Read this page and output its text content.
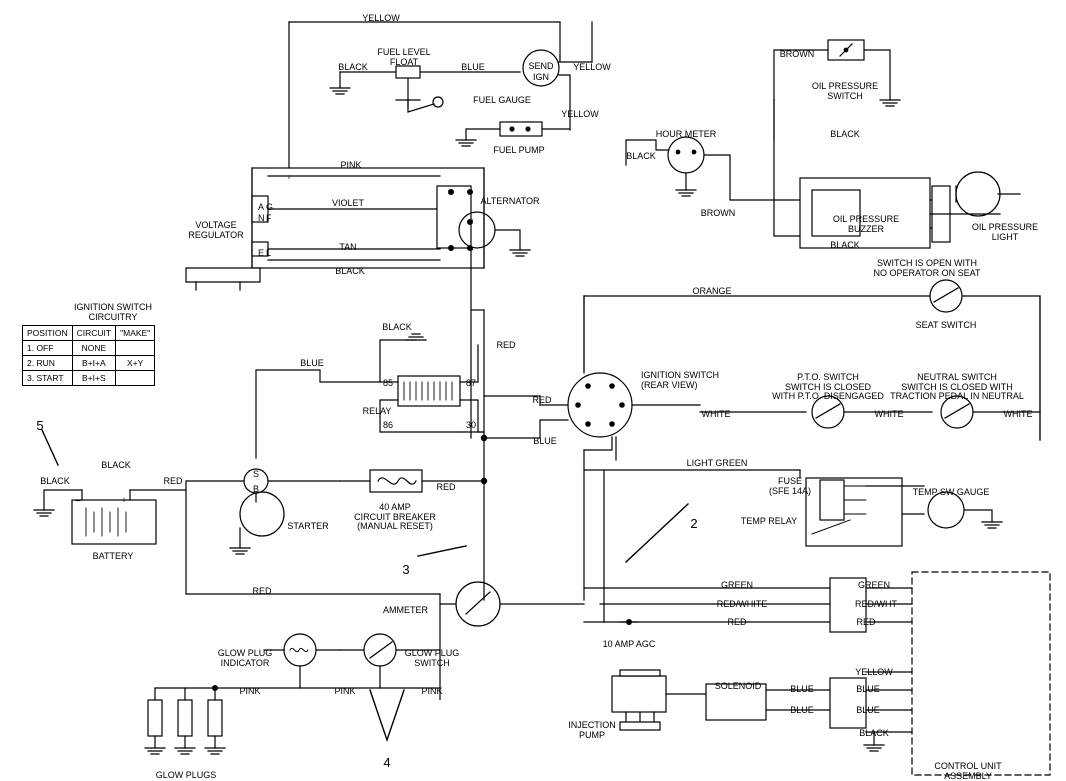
IGNITION SWITCH
CIRCUITRY
POSITION	CIRCUIT	"MAKE"
1. OFF	NONE	
2. RUN	B+I+A	X+Y
3. START	B+I+S	
FUEL LEVEL
FLOAT
FUEL GAUGE
SEND
IGN
FUEL PUMP
OIL PRESSURE
SWITCH
HOUR METER
OIL PRESSURE
BUZZER	OIL PRESSURE
LIGHT
VOLTAGE
REGULATOR
ALTERNATOR
SWITCH IS OPEN WITH
NO OPERATOR ON SEAT
SEAT SWITCH
IGNITION SWITCH
(REAR VIEW)
P.T.O. SWITCH
SWITCH IS CLOSED
WITH P.T.O. DISENGAGED
NEUTRAL SWITCH
SWITCH IS CLOSED WITH
TRACTION PEDAL IN NEUTRAL
RELAY
85
86
87
30
FUSE
(SFE 14A)	TEMP SW GAUGE
TEMP RELAY
40 AMP
CIRCUIT BREAKER
(MANUAL RESET)
STARTER
BATTERY
–	+
AMMETER
10 AMP AGC
GLOW PLUG
INDICATOR
GLOW PLUG
SWITCH
GLOW PLUGS
INJECTION
PUMP
SOLENOID
CONTROL UNIT
ASSEMBLY
A G
N F
E L
S
B
+
–
YELLOW
BLACK	BLUE	YELLOW
YELLOW
BROWN
BLACK
BLACK
BROWN
BLACK
PINK
VIOLET
TAN
BLACK
ORANGE
RED
BLACK
BLUE
RED
BLUE
WHITE	WHITE	WHITE
LIGHT GREEN
BLACK
BLACK	RED
RED
RED
GREEN
RED/WHITE
RED
GREEN
RED/WHT
RED
PINK	PINK	PINK
YELLOW
BLUE	BLUE
BLUE	BLUE
BLACK
2
3
4
5
